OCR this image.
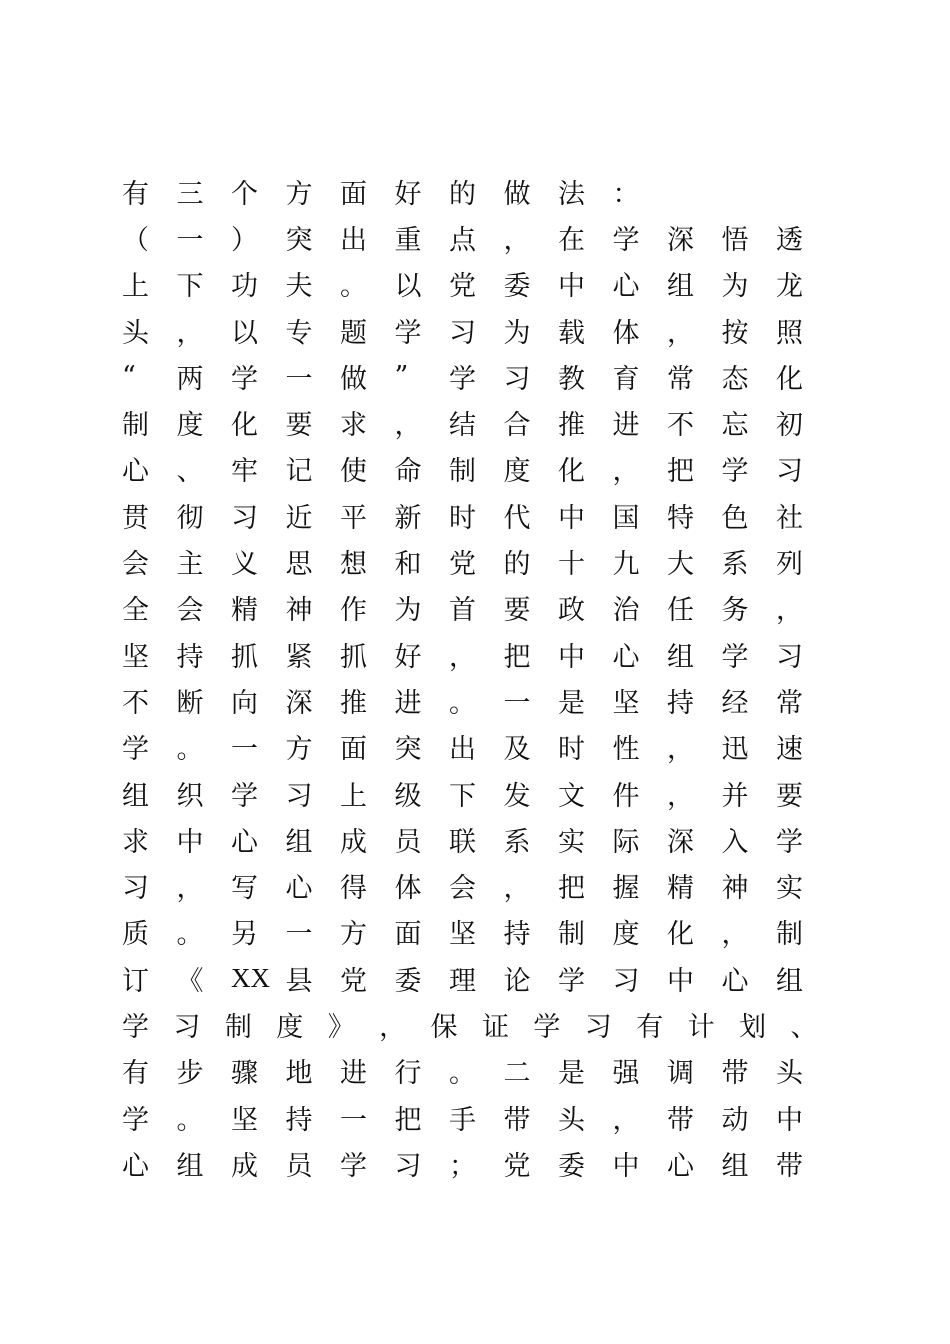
有	三	个	方	面	好	的	做	法	：
（	一	）	突	出	重	点	，	在	学	深	悟	透
上	下	功	夫	。	以	党	委	中	心	组	为	龙
头	，	以	专	题	学	习	为	载	体	，	按	照
“	两	学	一	做	”	学	习	教	育	常	态	化
制	度	化	要	求	，	结	合	推	进	不	忘	初
心	、	牢	记	使	命	制	度	化	，	把	学	习
贯	彻	习	近	平	新	时	代	中	国	特	色	社
会	主	义	思	想	和	党	的	十	九	大	系	列
全	会	精	神	作	为	首	要	政	治	任	务	，
坚	持	抓	紧	抓	好	，	把	中	心	组	学	习
不	断	向	深	推	进	。	一	是	坚	持	经	常
学	。	一	方	面	突	出	及	时	性	，	迅	速
组	织	学	习	上	级	下	发	文	件	，	并	要
求	中	心	组	成	员	联	系	实	际	深	入	学
习	，	写	心	得	体	会	，	把	握	精	神	实
质	。	另	一	方	面	坚	持	制	度	化	，	制
订	《	XX 县	党	委	理	论	学	习	中	心	组
学 习 制 度 》 ， 保 证 学 习 有 计 划 、
有	步	骤	地	进	行	。	二	是	强	调	带	头
学	。	坚	持	一	把	手	带	头	，	带	动	中
心	组	成	员	学	习	；	党	委	中	心	组	带
